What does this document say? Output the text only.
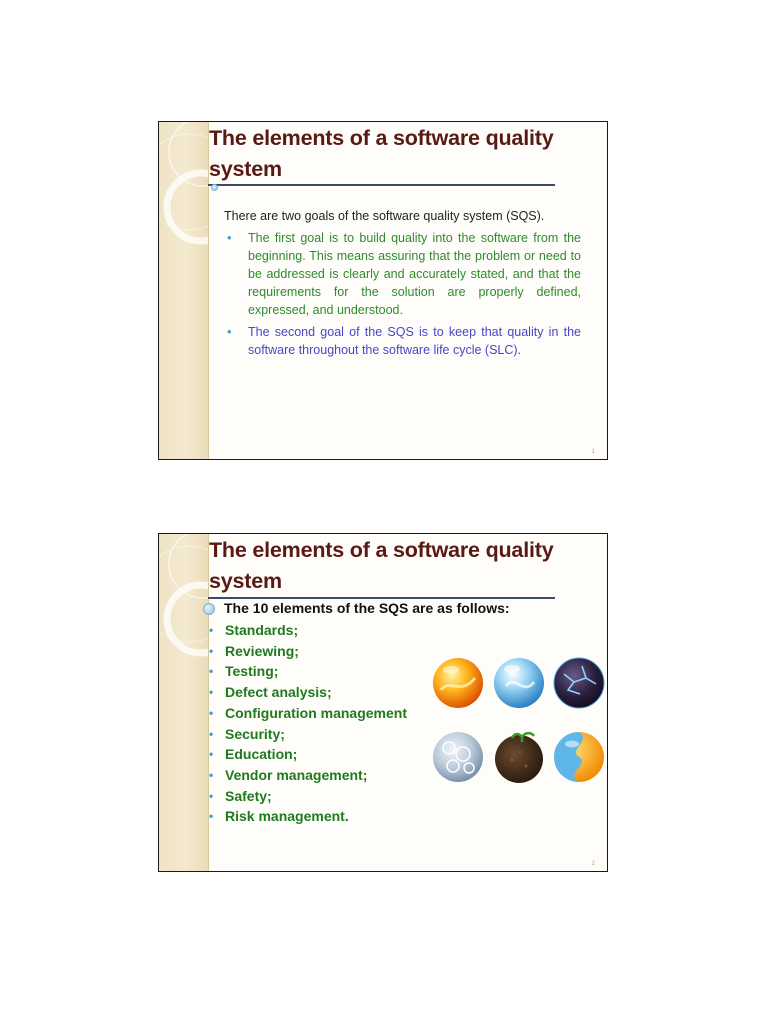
The elements of a software quality system

There are two goals of the software quality system (SQS).

• The first goal is to build quality into the software from the beginning. This means assuring that the problem or need to be addressed is clearly and accurately stated, and that the requirements for the solution are properly defined, expressed, and understood.
• The second goal of the SQS is to keep that quality in the software throughout the software life cycle (SLC).
1
The elements of a software quality system

The 10 elements of the SQS are as follows:

• Standards;
• Reviewing;
• Testing;
• Defect analysis;
• Configuration management
• Security;
• Education;
• Vendor management;
• Safety;
• Risk management.
2
